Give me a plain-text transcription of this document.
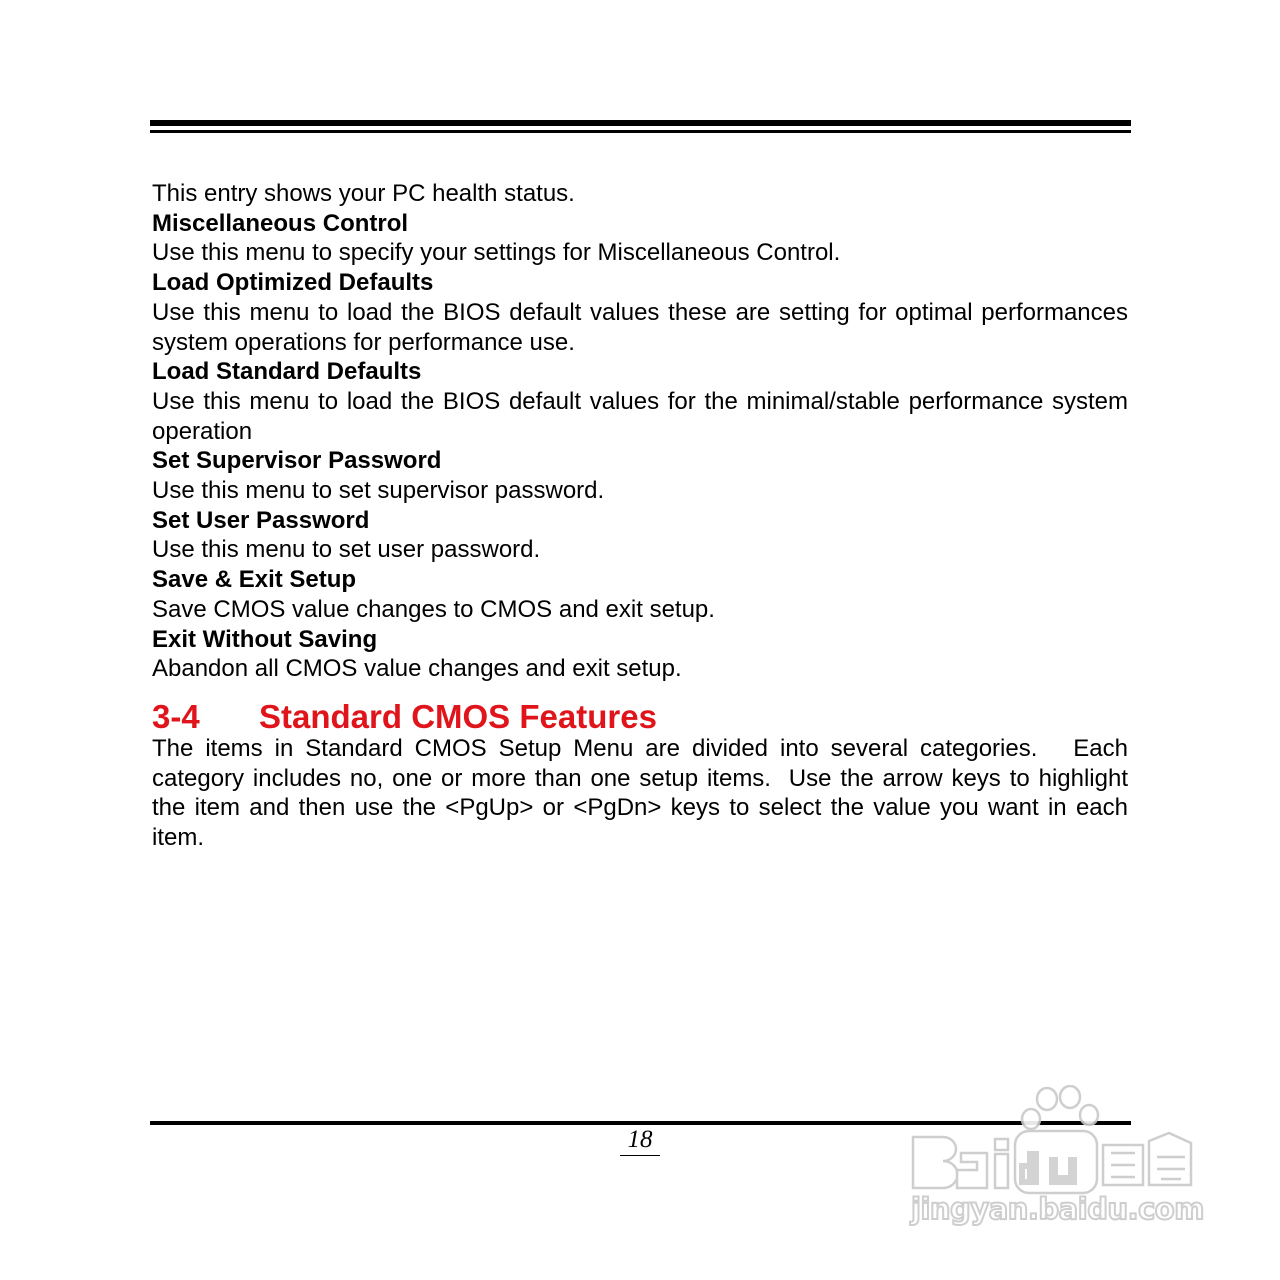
This entry shows your PC health status.

Miscellaneous Control

Use this menu to specify your settings for Miscellaneous Control.

Load Optimized Defaults

Use this menu to load the BIOS default values these are setting for optimal performances system operations for performance use.

Load Standard Defaults

Use this menu to load the BIOS default values for the minimal/stable performance system operation

Set Supervisor Password

Use this menu to set supervisor password.

Set User Password

Use this menu to set user password.

Save & Exit Setup

Save CMOS value changes to CMOS and exit setup.

Exit Without Saving

Abandon all CMOS value changes and exit setup.

3-4	Standard CMOS Features

The items in Standard CMOS Setup Menu are divided into several categories.   Each category includes no, one or more than one setup items.  Use the arrow keys to highlight the item and then use the <PgUp> or <PgDn> keys to select the value you want in each item.

18
jingyan.baidu.com
